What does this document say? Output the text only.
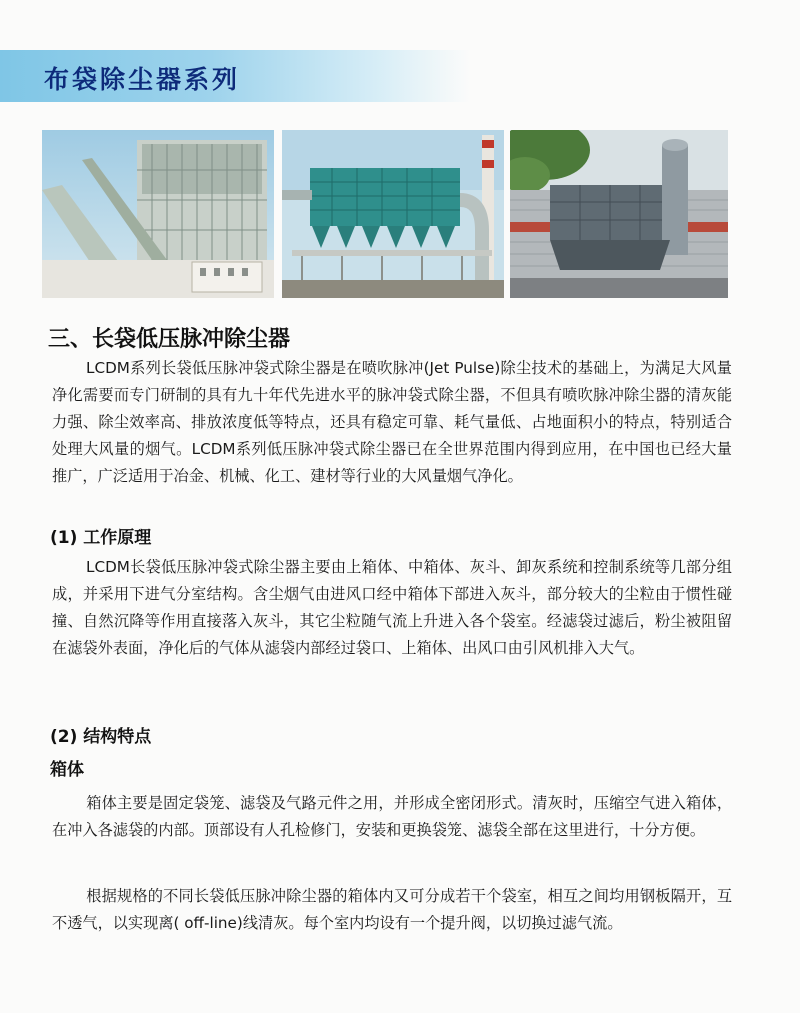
布袋除尘器系列
三、长袋低压脉冲除尘器
LCDM系列长袋低压脉冲袋式除尘器是在喷吹脉冲(Jet Pulse)除尘技术的基础上，为满足大风量净化需要而专门研制的具有九十年代先进水平的脉冲袋式除尘器，不但具有喷吹脉冲除尘器的清灰能力强、除尘效率高、排放浓度低等特点，还具有稳定可靠、耗气量低、占地面积小的特点，特别适合处理大风量的烟气。LCDM系列低压脉冲袋式除尘器已在全世界范围内得到应用，在中国也已经大量推广，广泛适用于冶金、机械、化工、建材等行业的大风量烟气净化。
(1) 工作原理
LCDM长袋低压脉冲袋式除尘器主要由上箱体、中箱体、灰斗、卸灰系统和控制系统等几部分组成，并采用下进气分室结构。含尘烟气由进风口经中箱体下部进入灰斗，部分较大的尘粒由于惯性碰撞、自然沉降等作用直接落入灰斗，其它尘粒随气流上升进入各个袋室。经滤袋过滤后，粉尘被阻留在滤袋外表面，净化后的气体从滤袋内部经过袋口、上箱体、出风口由引风机排入大气。
(2) 结构特点
箱体
箱体主要是固定袋笼、滤袋及气路元件之用，并形成全密闭形式。清灰时，压缩空气进入箱体，在冲入各滤袋的内部。顶部设有人孔检修门，安装和更换袋笼、滤袋全部在这里进行，十分方便。
根据规格的不同长袋低压脉冲除尘器的箱体内又可分成若干个袋室，相互之间均用钢板隔开，互不透气，以实现离( off-line)线清灰。每个室内均设有一个提升阀，以切换过滤气流。
